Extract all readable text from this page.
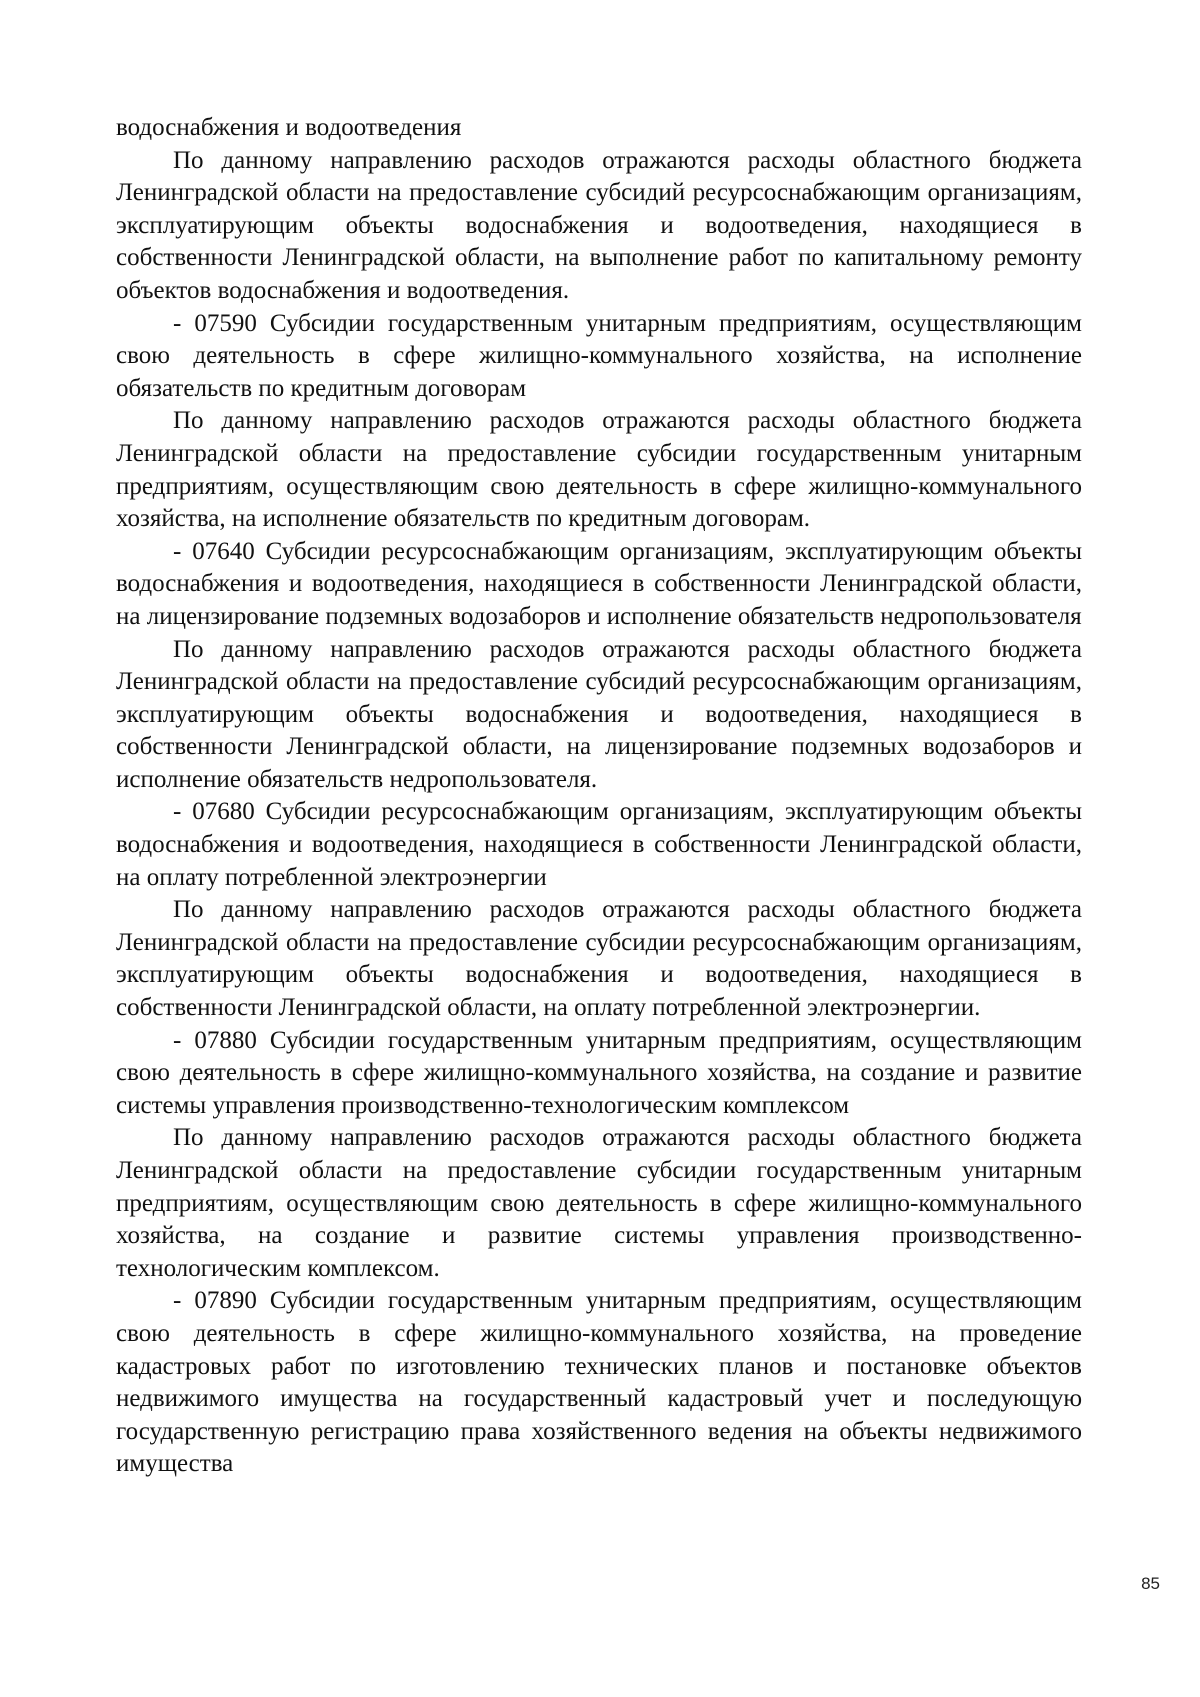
водоснабжения и водоотведения

По данному направлению расходов отражаются расходы областного бюджета Ленинградской области на предоставление субсидий ресурсоснабжающим организациям, эксплуатирующим объекты водоснабжения и водоотведения, находящиеся в собственности Ленинградской области, на выполнение работ по капитальному ремонту объектов водоснабжения и водоотведения.

- 07590 Субсидии государственным унитарным предприятиям, осуществляющим свою деятельность в сфере жилищно-коммунального хозяйства, на исполнение обязательств по кредитным договорам

По данному направлению расходов отражаются расходы областного бюджета Ленинградской области на предоставление субсидии государственным унитарным предприятиям, осуществляющим свою деятельность в сфере жилищно-коммунального хозяйства, на исполнение обязательств по кредитным договорам.

- 07640 Субсидии ресурсоснабжающим организациям, эксплуатирующим объекты водоснабжения и водоотведения, находящиеся в собственности Ленинградской области, на лицензирование подземных водозаборов и исполнение обязательств недропользователя

По данному направлению расходов отражаются расходы областного бюджета Ленинградской области на предоставление субсидий ресурсоснабжающим организациям, эксплуатирующим объекты водоснабжения и водоотведения, находящиеся в собственности Ленинградской области, на лицензирование подземных водозаборов и исполнение обязательств недропользователя.

- 07680 Субсидии ресурсоснабжающим организациям, эксплуатирующим объекты водоснабжения и водоотведения, находящиеся в собственности Ленинградской области, на оплату потребленной электроэнергии

По данному направлению расходов отражаются расходы областного бюджета Ленинградской области на предоставление субсидии ресурсоснабжающим организациям, эксплуатирующим объекты водоснабжения и водоотведения, находящиеся в собственности Ленинградской области, на оплату потребленной электроэнергии.

- 07880 Субсидии государственным унитарным предприятиям, осуществляющим свою деятельность в сфере жилищно-коммунального хозяйства, на создание и развитие системы управления производственно-технологическим комплексом

По данному направлению расходов отражаются расходы областного бюджета Ленинградской области на предоставление субсидии государственным унитарным предприятиям, осуществляющим свою деятельность в сфере жилищно-коммунального хозяйства, на создание и развитие системы управления производственно-технологическим комплексом.

- 07890 Субсидии государственным унитарным предприятиям, осуществляющим свою деятельность в сфере жилищно-коммунального хозяйства, на проведение кадастровых работ по изготовлению технических планов и постановке объектов недвижимого имущества на государственный кадастровый учет и последующую государственную регистрацию права хозяйственного ведения на объекты недвижимого имущества

85
